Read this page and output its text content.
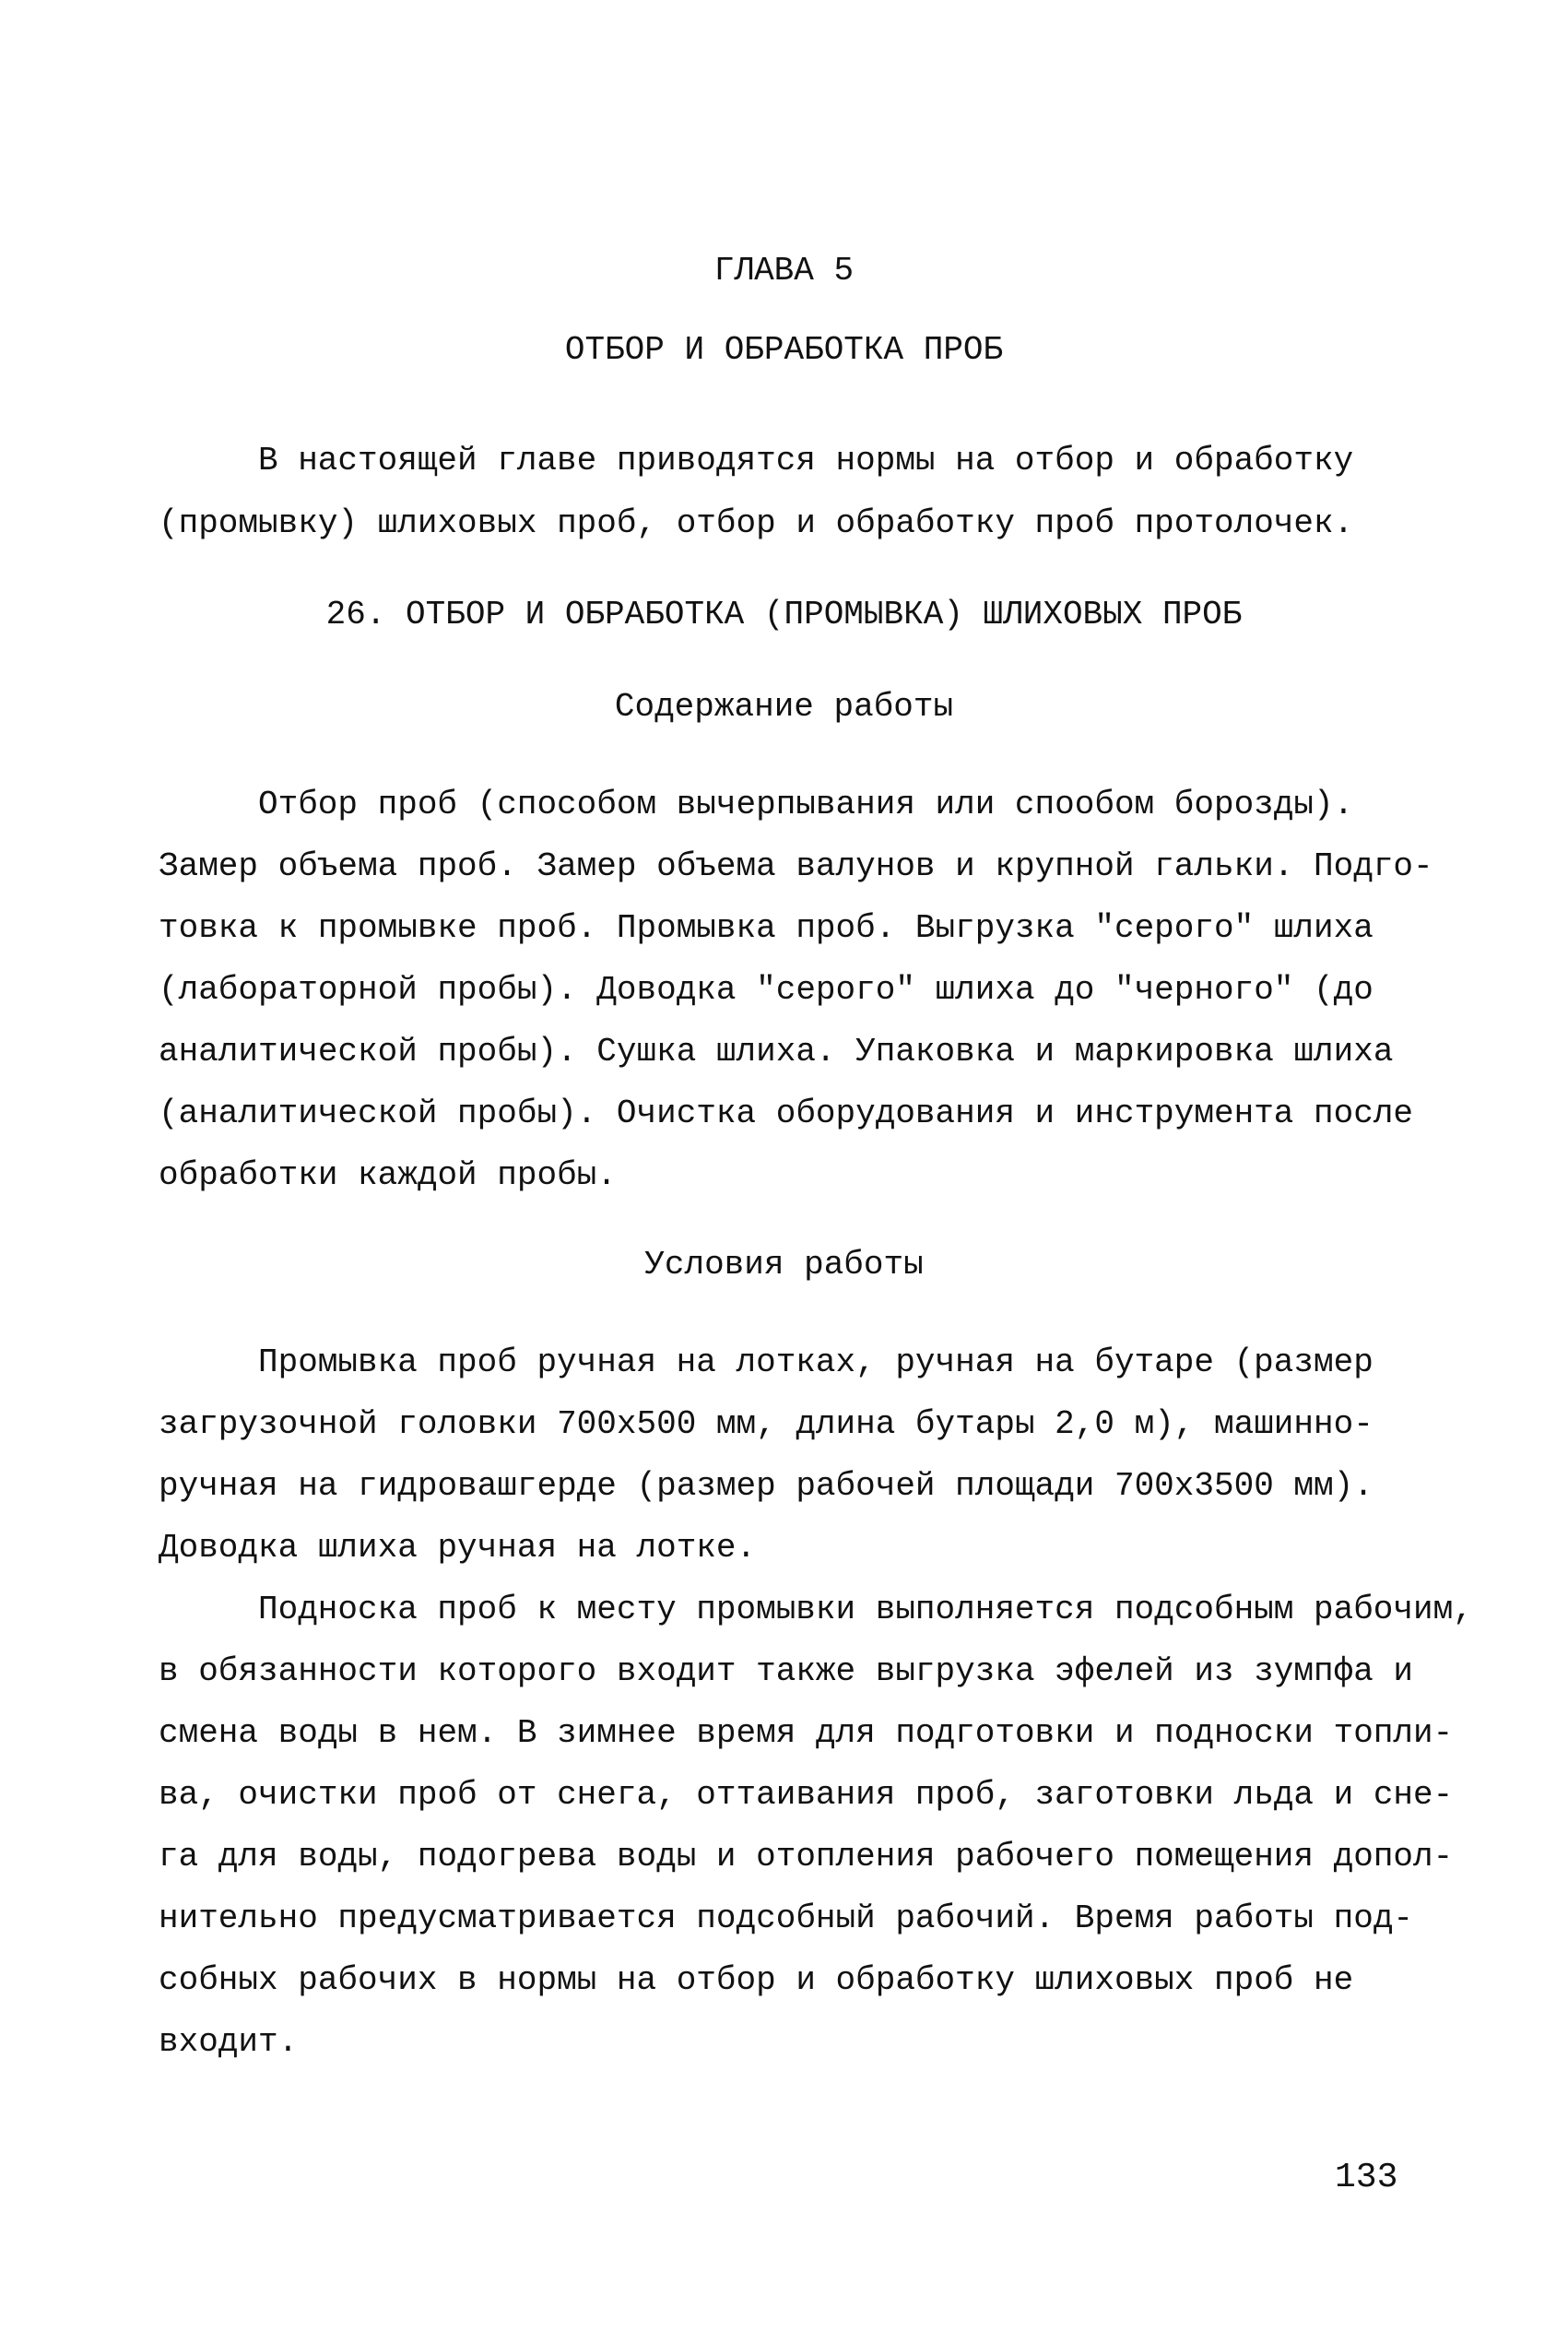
ГЛАВА 5
ОТБОР И ОБРАБОТКА ПРОБ
В настоящей главе приводятся нормы на отбор и обработку
(промывку) шлиховых проб, отбор и обработку проб протолочек.
26. ОТБОР И ОБРАБОТКА (ПРОМЫВКА) ШЛИХОВЫХ ПРОБ
Содержание работы
Отбор проб (способом вычерпывания или спообом борозды).
Замер объема проб. Замер объема валунов и крупной гальки. Подго-
товка к промывке проб. Промывка проб. Выгрузка "серого" шлиха
(лабораторной пробы). Доводка "серого" шлиха до "черного" (до
аналитической пробы). Сушка шлиха. Упаковка и маркировка шлиха
(аналитической пробы). Очистка оборудования и инструмента после
обработки каждой пробы.
Условия работы
Промывка проб ручная на лотках, ручная на бутаре (размер
загрузочной головки 700х500 мм, длина бутары 2,0 м), машинно-
ручная на гидровашгерде (размер рабочей площади 700х3500 мм).
Доводка шлиха ручная на лотке.
Подноска проб к месту промывки выполняется подсобным рабочим,
в обязанности которого входит также выгрузка эфелей из зумпфа и
смена воды в нем. В зимнее время для подготовки и подноски топли-
ва, очистки проб от снега, оттаивания проб, заготовки льда и сне-
га для воды, подогрева воды и отопления рабочего помещения допол-
нительно предусматривается подсобный рабочий. Время работы под-
собных рабочих в нормы на отбор и обработку шлиховых проб не
входит.
133
